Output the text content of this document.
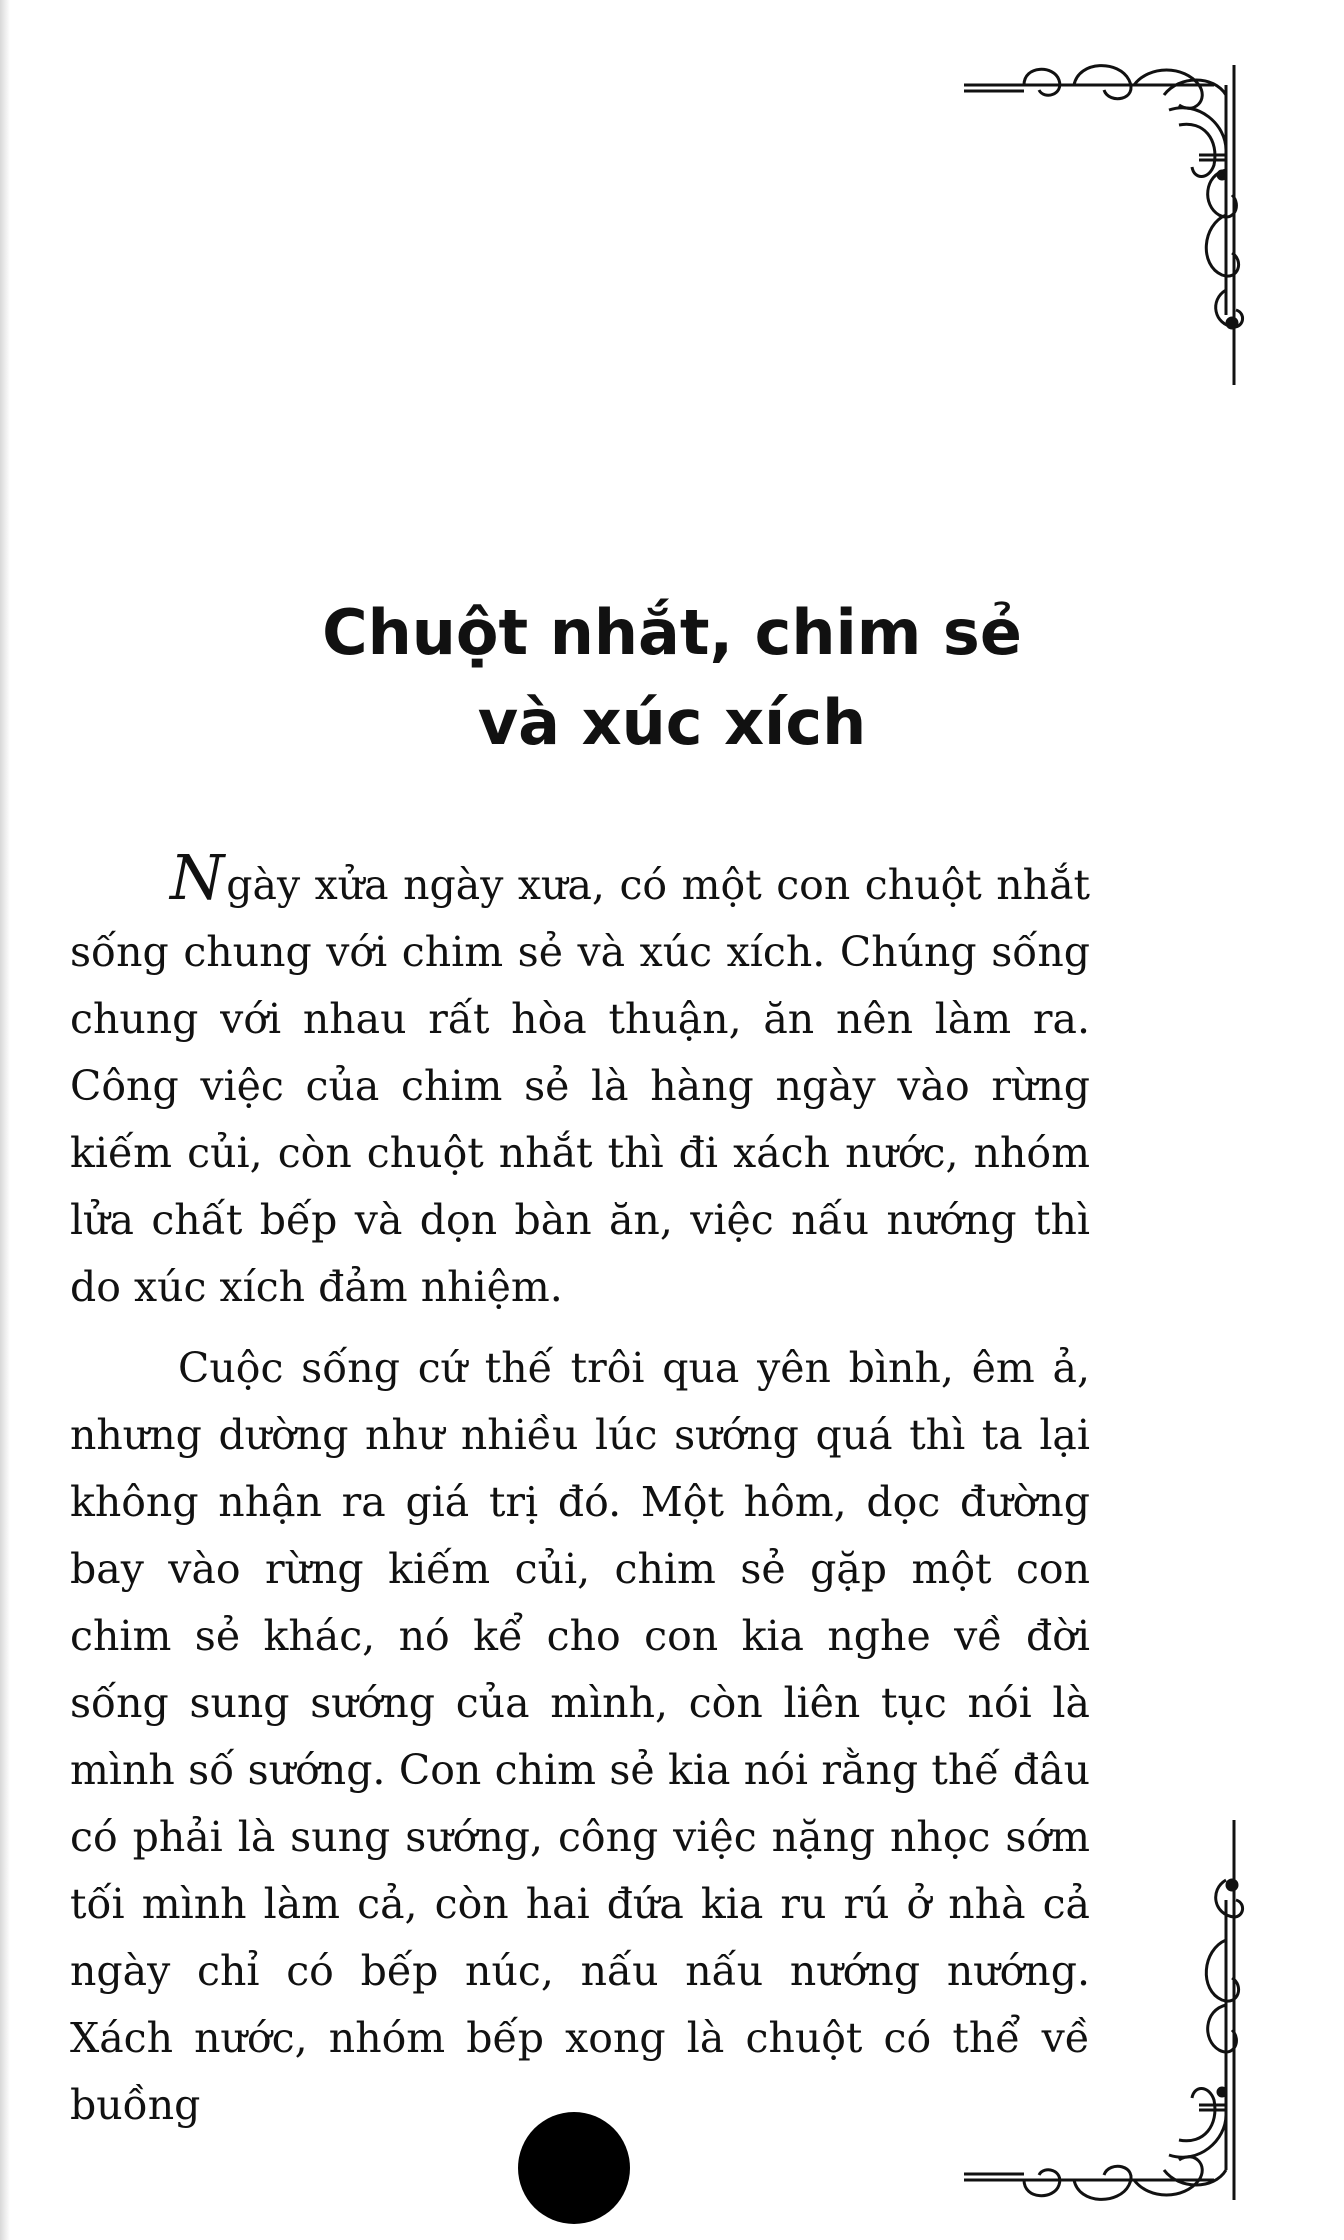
Chuột nhắt, chim sẻ
và xúc xích

Ngày xửa ngày xưa, có một con chuột nhắt sống chung với chim sẻ và xúc xích. Chúng sống chung với nhau rất hòa thuận, ăn nên làm ra. Công việc của chim sẻ là hàng ngày vào rừng kiếm củi, còn chuột nhắt thì đi xách nước, nhóm lửa chất bếp và dọn bàn ăn, việc nấu nướng thì do xúc xích đảm nhiệm.

Cuộc sống cứ thế trôi qua yên bình, êm ả, nhưng dường như nhiều lúc sướng quá thì ta lại không nhận ra giá trị đó. Một hôm, dọc đường bay vào rừng kiếm củi, chim sẻ gặp một con chim sẻ khác, nó kể cho con kia nghe về đời sống sung sướng của mình, còn liên tục nói là mình số sướng. Con chim sẻ kia nói rằng thế đâu có phải là sung sướng, công việc nặng nhọc sớm tối mình làm cả, còn hai đứa kia ru rú ở nhà cả ngày chỉ có bếp núc, nấu nấu nướng nướng. Xách nước, nhóm bếp xong là chuột có thể về buồng
